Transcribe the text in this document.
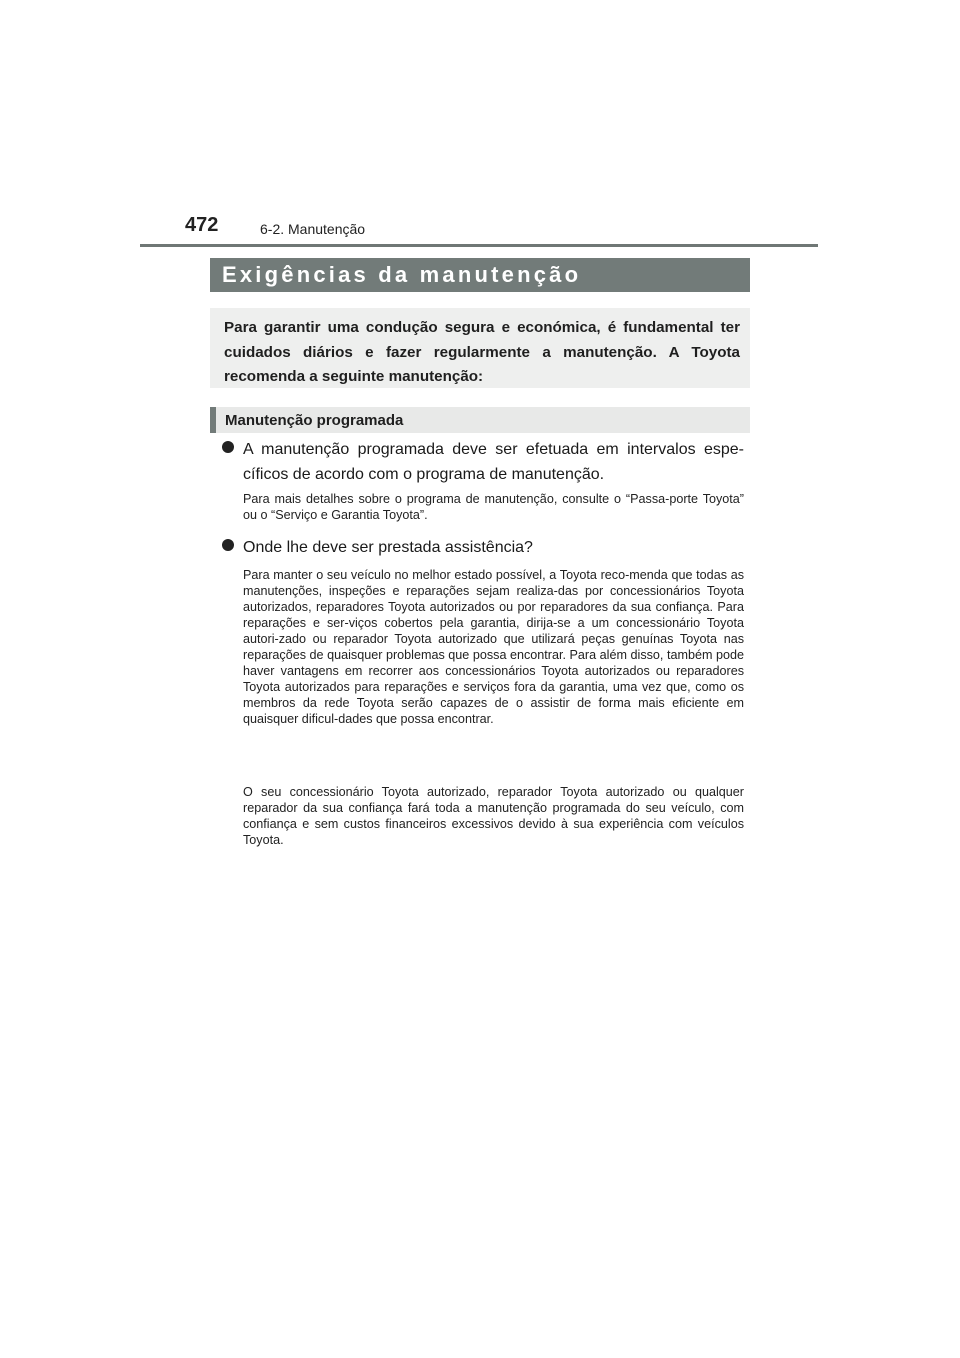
472	6-2. Manutenção
Exigências da manutenção
Para garantir uma condução segura e económica, é fundamental ter cuidados diários e fazer regularmente a manutenção. A Toyota recomenda a seguinte manutenção:
Manutenção programada
A manutenção programada deve ser efetuada em intervalos espe-cíficos de acordo com o programa de manutenção.
Para mais detalhes sobre o programa de manutenção, consulte o “Passa-porte Toyota” ou o “Serviço e Garantia Toyota”.
Onde lhe deve ser prestada assistência?
Para manter o seu veículo no melhor estado possível, a Toyota reco-menda que todas as manutenções, inspeções e reparações sejam realiza-das por concessionários Toyota autorizados, reparadores Toyota autorizados ou por reparadores da sua confiança. Para reparações e ser-viços cobertos pela garantia, dirija-se a um concessionário Toyota autori-zado ou reparador Toyota autorizado que utilizará peças genuínas Toyota nas reparações de quaisquer problemas que possa encontrar. Para além disso, também pode haver vantagens em recorrer aos concessionários Toyota autorizados ou reparadores Toyota autorizados para reparações e serviços fora da garantia, uma vez que, como os membros da rede Toyota serão capazes de o assistir de forma mais eficiente em quaisquer dificul-dades que possa encontrar.
O seu concessionário Toyota autorizado, reparador Toyota autorizado ou qualquer reparador da sua confiança fará toda a manutenção programada do seu veículo, com confiança e sem custos financeiros excessivos devido à sua experiência com veículos Toyota.
